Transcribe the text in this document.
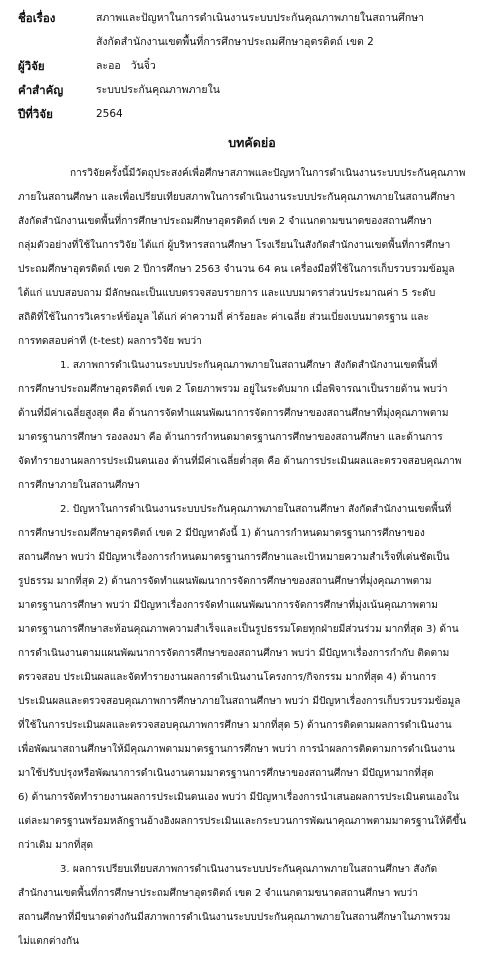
ชื่อเรื่อง	สภาพและปัญหาในการดำเนินงานระบบประกันคุณภาพภายในสถานศึกษา
สังกัดสำนักงานเขตพื้นที่การศึกษาประถมศึกษาอุตรดิตถ์ เขต 2
ผู้วิจัย	ละออ   วันจิ๋ว
คำสำคัญ	ระบบประกันคุณภาพภายใน
ปีที่วิจัย	2564
บทคัดย่อ
การวิจัยครั้งนี้มีวัตถุประสงค์เพื่อศึกษาสภาพและปัญหาในการดำเนินงานระบบประกันคุณภาพ
ภายในสถานศึกษา และเพื่อเปรียบเทียบสภาพในการดำเนินงานระบบประกันคุณภาพภายในสถานศึกษา
สังกัดสำนักงานเขตพื้นที่การศึกษาประถมศึกษาอุตรดิตถ์ เขต 2 จำแนกตามขนาดของสถานศึกษา
กลุ่มตัวอย่างที่ใช้ในการวิจัย ได้แก่ ผู้บริหารสถานศึกษา โรงเรียนในสังกัดสำนักงานเขตพื้นที่การศึกษา
ประถมศึกษาอุตรดิตถ์ เขต 2 ปีการศึกษา 2563 จำนวน 64 คน เครื่องมือที่ใช้ในการเก็บรวบรวมข้อมูล
ได้แก่ แบบสอบถาม มีลักษณะเป็นแบบตรวจสอบรายการ และแบบมาตราส่วนประมาณค่า 5 ระดับ
สถิติที่ใช้ในการวิเคราะห์ข้อมูล ได้แก่ ค่าความถี่ ค่าร้อยละ ค่าเฉลี่ย ส่วนเบี่ยงเบนมาตรฐาน และ
การทดสอบค่าที (t-test) ผลการวิจัย พบว่า
1. สภาพการดำเนินงานระบบประกันคุณภาพภายในสถานศึกษา สังกัดสำนักงานเขตพื้นที่
การศึกษาประถมศึกษาอุตรดิตถ์ เขต 2 โดยภาพรวม อยู่ในระดับมาก เมื่อพิจารณาเป็นรายด้าน พบว่า
ด้านที่มีค่าเฉลี่ยสูงสุด คือ ด้านการจัดทำแผนพัฒนาการจัดการศึกษาของสถานศึกษาที่มุ่งคุณภาพตาม
มาตรฐานการศึกษา รองลงมา คือ ด้านการกำหนดมาตรฐานการศึกษาของสถานศึกษา และด้านการ
จัดทำรายงานผลการประเมินตนเอง ด้านที่มีค่าเฉลี่ยต่ำสุด คือ ด้านการประเมินผลและตรวจสอบคุณภาพ
การศึกษาภายในสถานศึกษา
2. ปัญหาในการดำเนินงานระบบประกันคุณภาพภายในสถานศึกษา สังกัดสำนักงานเขตพื้นที่
การศึกษาประถมศึกษาอุตรดิตถ์ เขต 2 มีปัญหาดังนี้ 1) ด้านการกำหนดมาตรฐานการศึกษาของ
สถานศึกษา พบว่า มีปัญหาเรื่องการกำหนดมาตรฐานการศึกษาและเป้าหมายความสำเร็จที่เด่นชัดเป็น
รูปธรรม มากที่สุด 2) ด้านการจัดทำแผนพัฒนาการจัดการศึกษาของสถานศึกษาที่มุ่งคุณภาพตาม
มาตรฐานการศึกษา พบว่า มีปัญหาเรื่องการจัดทำแผนพัฒนาการจัดการศึกษาที่มุ่งเน้นคุณภาพตาม
มาตรฐานการศึกษาสะท้อนคุณภาพความสำเร็จและเป็นรูปธรรมโดยทุกฝ่ายมีส่วนร่วม มากที่สุด 3) ด้าน
การดำเนินงานตามแผนพัฒนาการจัดการศึกษาของสถานศึกษา พบว่า มีปัญหาเรื่องการกำกับ ติดตาม
ตรวจสอบ ประเมินผลและจัดทำรายงานผลการดำเนินงานโครงการ/กิจกรรม มากที่สุด 4) ด้านการ
ประเมินผลและตรวจสอบคุณภาพการศึกษาภายในสถานศึกษา พบว่า มีปัญหาเรื่องการเก็บรวบรวมข้อมูล
ที่ใช้ในการประเมินผลและตรวจสอบคุณภาพการศึกษา มากที่สุด 5) ด้านการติดตามผลการดำเนินงาน
เพื่อพัฒนาสถานศึกษาให้มีคุณภาพตามมาตรฐานการศึกษา พบว่า การนำผลการติดตามการดำเนินงาน
มาใช้ปรับปรุงหรือพัฒนาการดำเนินงานตามมาตรฐานการศึกษาของสถานศึกษา มีปัญหามากที่สุด
6) ด้านการจัดทำรายงานผลการประเมินตนเอง พบว่า มีปัญหาเรื่องการนำเสนอผลการประเมินตนเองใน
แต่ละมาตรฐานพร้อมหลักฐานอ้างอิงผลการประเมินและกระบวนการพัฒนาคุณภาพตามมาตรฐานให้ดีขึ้น
กว่าเดิม มากที่สุด
3. ผลการเปรียบเทียบสภาพการดำเนินงานระบบประกันคุณภาพภายในสถานศึกษา สังกัด
สำนักงานเขตพื้นที่การศึกษาประถมศึกษาอุตรดิตถ์ เขต 2 จำแนกตามขนาดสถานศึกษา พบว่า
สถานศึกษาที่มีขนาดต่างกันมีสภาพการดำเนินงานระบบประกันคุณภาพภายในสถานศึกษาในภาพรวม
ไม่แตกต่างกัน
